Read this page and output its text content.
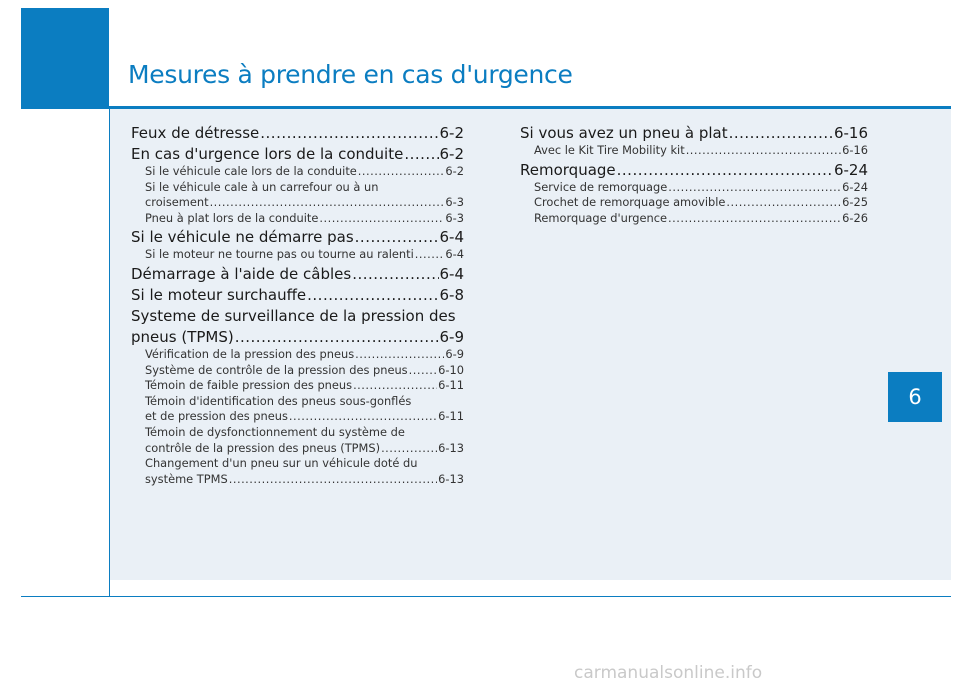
Mesures à prendre en cas d'urgence
Feux de détresse .....	6-2
En cas d'urgence lors de la conduite ..... 6-2
Si le véhicule cale lors de la conduite .....	6-2
Si le véhicule cale à un carrefour ou à un
croisement .....	6-3
Pneu à plat lors de la conduite .....	6-3
Si le véhicule ne démarre pas .....	6-4
Si le moteur ne tourne pas ou tourne au ralenti .....	6-4
Démarrage à l'aide de câbles .....	6-4
Si le moteur surchauffe .....	6-8
Systeme de surveillance de la pression des
pneus (TPMS) .....	6-9
Vérification de la pression des pneus .....	6-9
Système de contrôle de la pression des pneus .....	6-10
Témoin de faible pression des pneus .....	6-11
Témoin d'identification des pneus sous-gonflés
et de pression des pneus .....	6-11
Témoin de dysfonctionnement du système de
contrôle de la pression des pneus (TPMS) .....	6-13
Changement d'un pneu sur un véhicule doté du
système TPMS .....	6-13
Si vous avez un pneu à plat .....	6-16
Avec le Kit Tire Mobility kit .....	6-16
Remorquage .....	6-24
Service de remorquage .....	6-24
Crochet de remorquage amovible .....	6-25
Remorquage d'urgence .....	6-26
6

carmanualsonline.info
